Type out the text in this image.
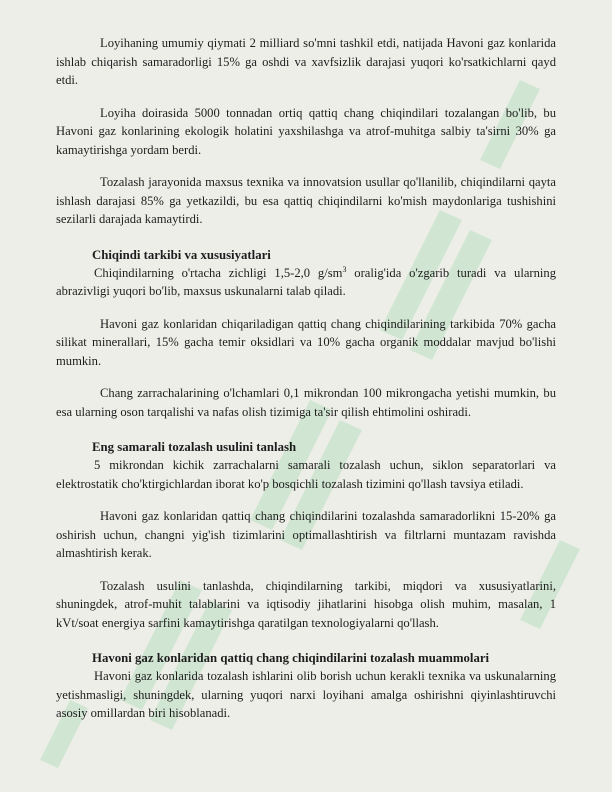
Loyihaning umumiy qiymati 2 milliard so'mni tashkil etdi, natijada Havoni gaz konlarida ishlab chiqarish samaradorligi 15% ga oshdi va xavfsizlik darajasi yuqori ko'rsatkichlarni qayd etdi.

Loyiha doirasida 5000 tonnadan ortiq qattiq chang chiqindilari tozalangan bo'lib, bu Havoni gaz konlarining ekologik holatini yaxshilashga va atrof-muhitga salbiy ta'sirni 30% ga kamaytirishga yordam berdi.

Tozalash jarayonida maxsus texnika va innovatsion usullar qo'llanilib, chiqindilarni qayta ishlash darajasi 85% ga yetkazildi, bu esa qattiq chiqindilarni ko'mish maydonlariga tushishini sezilarli darajada kamaytirdi.

Chiqindi tarkibi va xususiyatlari

Chiqindilarning o'rtacha zichligi 1,5-2,0 $g/sm^3$ oralig'ida o'zgarib turadi va ularning abrazivligi yuqori bo'lib, maxsus uskunalarni talab qiladi.

Havoni gaz konlaridan chiqariladigan qattiq chang chiqindilarining tarkibida 70% gacha silikat minerallari, 15% gacha temir oksidlari va 10% gacha organik moddalar mavjud bo'lishi mumkin.

Chang zarrachalarining o'lchamlari 0,1 mikrondan 100 mikrongacha yetishi mumkin, bu esa ularning oson tarqalishi va nafas olish tizimiga ta'sir qilish ehtimolini oshiradi.

Eng samarali tozalash usulini tanlash

5 mikrondan kichik zarrachalarni samarali tozalash uchun, siklon separatorlari va elektrostatik cho'ktirgichlardan iborat ko'p bosqichli tozalash tizimini qo'llash tavsiya etiladi.

Havoni gaz konlaridan qattiq chang chiqindilarini tozalashda samaradorlikni 15-20% ga oshirish uchun, changni yig'ish tizimlarini optimallashtirish va filtrlarni muntazam ravishda almashtirish kerak.

Tozalash usulini tanlashda, chiqindilarning tarkibi, miqdori va xususiyatlarini, shuningdek, atrof-muhit talablarini va iqtisodiy jihatlarini hisobga olish muhim, masalan, 1 kVt/soat energiya sarfini kamaytirishga qaratilgan texnologiyalarni qo'llash.

Havoni gaz konlaridan qattiq chang chiqindilarini tozalash muammolari

Havoni gaz konlarida tozalash ishlarini olib borish uchun kerakli texnika va uskunalarning yetishmasligi, shuningdek, ularning yuqori narxi loyihani amalga oshirishni qiyinlashtiruvchi asosiy omillardan biri hisoblanadi.
